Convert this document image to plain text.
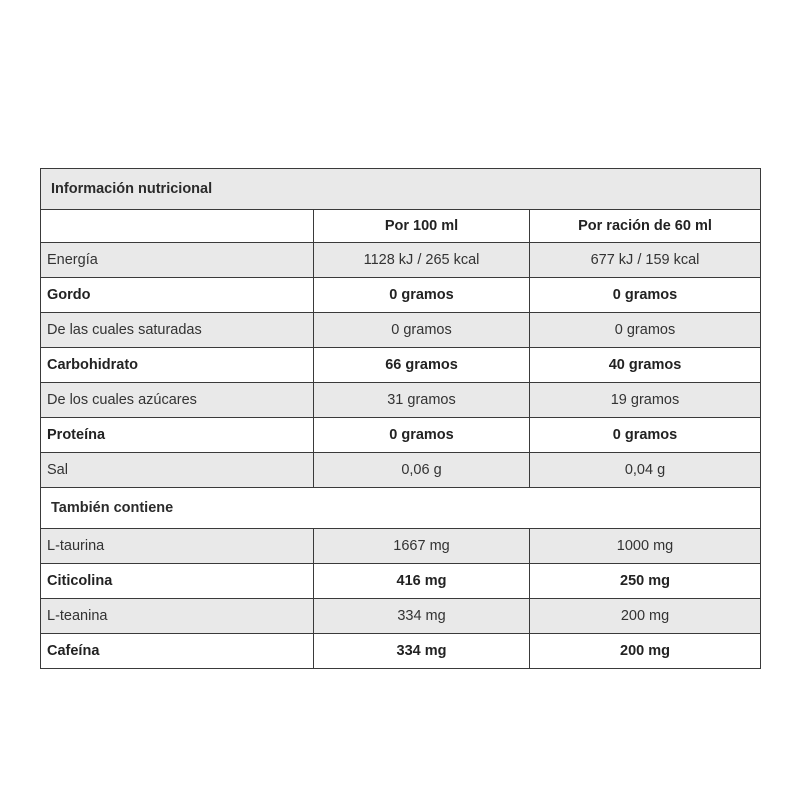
Información nutricional		
	Por 100 ml	Por ración de 60 ml
Energía	1128 kJ / 265 kcal	677 kJ / 159 kcal
Gordo	0 gramos	0 gramos
De las cuales saturadas	0 gramos	0 gramos
Carbohidrato	66 gramos	40 gramos
De los cuales azúcares	31 gramos	19 gramos
Proteína	0 gramos	0 gramos
Sal	0,06 g	0,04 g
También contiene		
L-taurina	1667 mg	1000 mg
Citicolina	416 mg	250 mg
L-teanina	334 mg	200 mg
Cafeína	334 mg	200 mg
